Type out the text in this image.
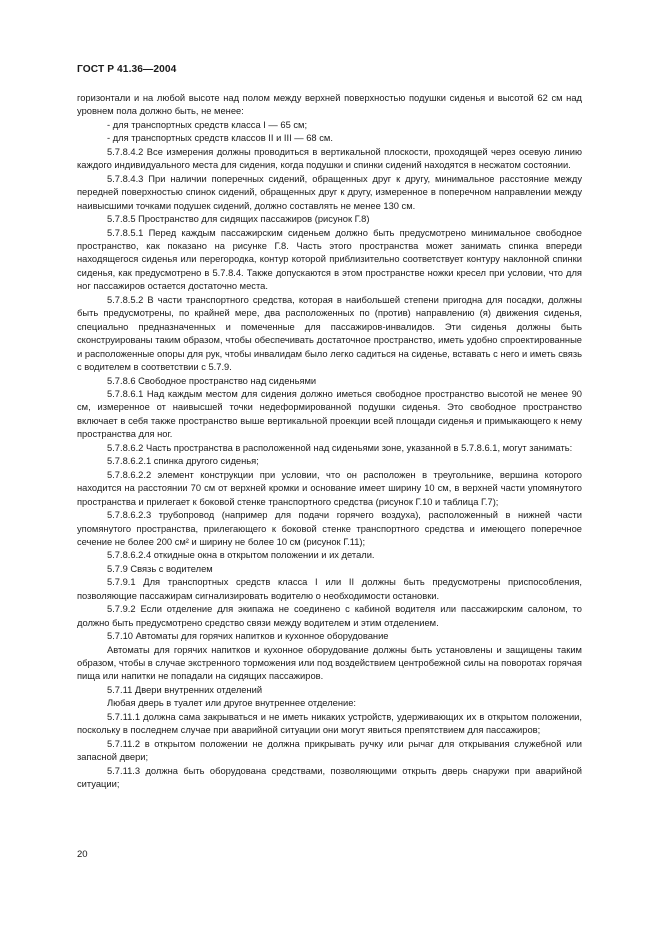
ГОСТ Р 41.36—2004

горизонтали и на любой высоте над полом между верхней поверхностью подушки сиденья и высотой 62 см над уровнем пола должно быть, не менее:

- для транспортных средств класса I — 65 см;

- для транспортных средств классов II и III — 68 см.

5.7.8.4.2 Все измерения должны проводиться в вертикальной плоскости, проходящей через осевую линию каждого индивидуального места для сидения, когда подушки и спинки сидений находятся в несжатом состоянии.

5.7.8.4.3 При наличии поперечных сидений, обращенных друг к другу, минимальное расстояние между передней поверхностью спинок сидений, обращенных друг к другу, измеренное в поперечном направлении между наивысшими точками подушек сидений, должно составлять не менее 130 см.

5.7.8.5 Пространство для сидящих пассажиров (рисунок Г.8)

5.7.8.5.1 Перед каждым пассажирским сиденьем должно быть предусмотрено минимальное свободное пространство, как показано на рисунке Г.8. Часть этого пространства может занимать спинка впереди находящегося сиденья или перегородка, контур которой приблизительно соответствует контуру наклонной спинки сиденья, как предусмотрено в 5.7.8.4. Также допускаются в этом пространстве ножки кресел при условии, что для ног пассажиров остается достаточно места.

5.7.8.5.2 В части транспортного средства, которая в наибольшей степени пригодна для посадки, должны быть предусмотрены, по крайней мере, два расположенных по (против) направлению (я) движения сиденья, специально предназначенных и помеченные для пассажиров-инвалидов. Эти сиденья должны быть сконструированы таким образом, чтобы обеспечивать достаточное пространство, иметь удобно спроектированные и расположенные опоры для рук, чтобы инвалидам было легко садиться на сиденье, вставать с него и иметь связь с водителем в соответствии с 5.7.9.

5.7.8.6 Свободное пространство над сиденьями

5.7.8.6.1 Над каждым местом для сидения должно иметься свободное пространство высотой не менее 90 см, измеренное от наивысшей точки недеформированной подушки сиденья. Это свободное пространство включает в себя также пространство выше вертикальной проекции всей площади сиденья и примыкающего к нему пространства для ног.

5.7.8.6.2 Часть пространства в расположенной над сиденьями зоне, указанной в 5.7.8.6.1, могут занимать:

5.7.8.6.2.1 спинка другого сиденья;

5.7.8.6.2.2 элемент конструкции при условии, что он расположен в треугольнике, вершина которого находится на расстоянии 70 см от верхней кромки и основание имеет ширину 10 см, в верхней части упомянутого пространства и прилегает к боковой стенке транспортного средства (рисунок Г.10 и таблица Г.7);

5.7.8.6.2.3 трубопровод (например для подачи горячего воздуха), расположенный в нижней части упомянутого пространства, прилегающего к боковой стенке транспортного средства и имеющего поперечное сечение не более 200 см² и ширину не более 10 см (рисунок Г.11);

5.7.8.6.2.4 откидные окна в открытом положении и их детали.

5.7.9 Связь с водителем

5.7.9.1 Для транспортных средств класса I или II должны быть предусмотрены приспособления, позволяющие пассажирам сигнализировать водителю о необходимости остановки.

5.7.9.2 Если отделение для экипажа не соединено с кабиной водителя или пассажирским салоном, то должно быть предусмотрено средство связи между водителем и этим отделением.

5.7.10 Автоматы для горячих напитков и кухонное оборудование

Автоматы для горячих напитков и кухонное оборудование должны быть установлены и защищены таким образом, чтобы в случае экстренного торможения или под воздействием центробежной силы на поворотах горячая пища или напитки не попадали на сидящих пассажиров.

5.7.11 Двери внутренних отделений

Любая дверь в туалет или другое внутреннее отделение:

5.7.11.1 должна сама закрываться и не иметь никаких устройств, удерживающих их в открытом положении, поскольку в последнем случае при аварийной ситуации они могут явиться препятствием для пассажиров;

5.7.11.2 в открытом положении не должна прикрывать ручку или рычаг для открывания служебной или запасной двери;

5.7.11.3 должна быть оборудована средствами, позволяющими открыть дверь снаружи при аварийной ситуации;

20
